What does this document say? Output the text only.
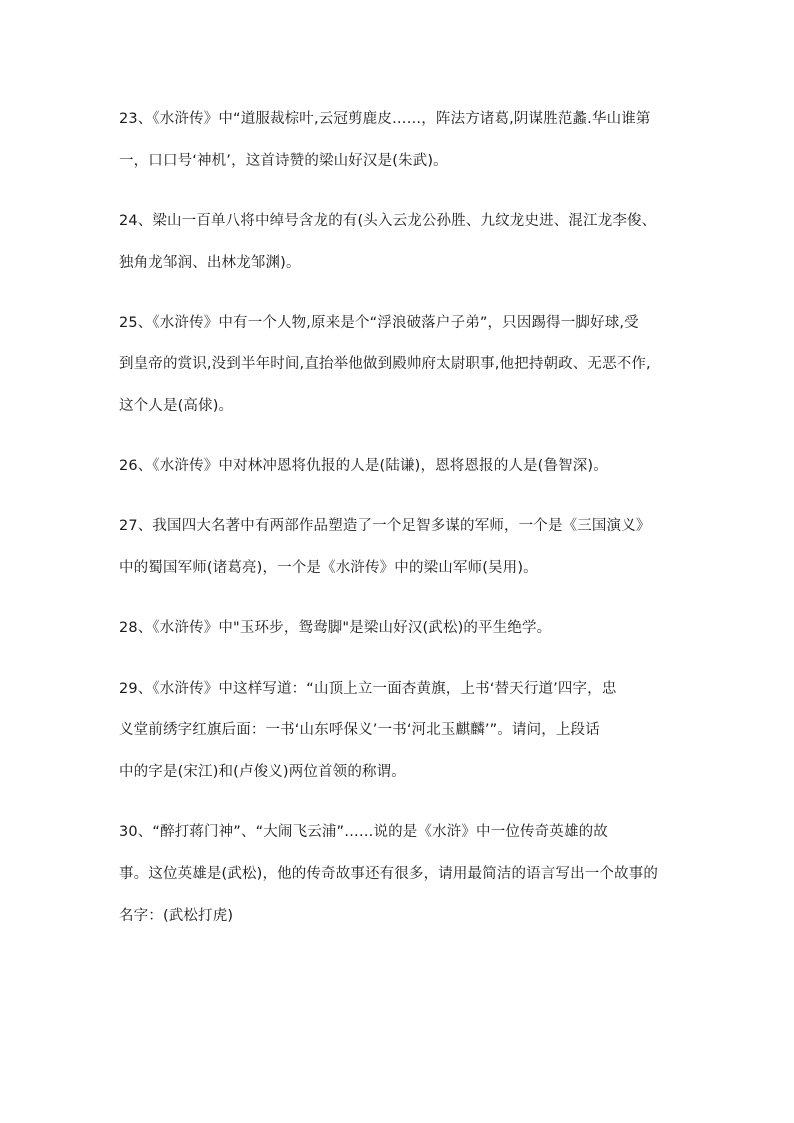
23、《水浒传》中“道服裁棕叶,云冠剪鹿皮……，阵法方诸葛,阴谋胜范蠡.华山谁第
一，口口号‘神机’，这首诗赞的梁山好汉是(朱武)。
24、梁山一百单八将中绰号含龙的有(头入云龙公孙胜、九纹龙史进、混江龙李俊、
独角龙邹润、出林龙邹渊)。
25、《水浒传》中有一个人物,原来是个“浮浪破落户子弟”，只因踢得一脚好球,受
到皇帝的赏识,没到半年时间,直抬举他做到殿帅府太尉职事,他把持朝政、无恶不作,
这个人是(高俅)。
26、《水浒传》中对林冲恩将仇报的人是(陆谦)，恩将恩报的人是(鲁智深)。
27、我国四大名著中有两部作品塑造了一个足智多谋的军师，一个是《三国演义》
中的蜀国军师(诸葛亮)，一个是《水浒传》中的梁山军师(吴用)。
28、《水浒传》中"玉环步，鸳鸯脚"是梁山好汉(武松)的平生绝学。
29、《水浒传》中这样写道：“山顶上立一面杏黄旗，上书‘替天行道’四字，忠
义堂前绣字红旗后面：一书‘山东呼保义’一书‘河北玉麒麟’”。请问，上段话
中的字是(宋江)和(卢俊义)两位首领的称谓。
30、“醉打蒋门神”、“大闹飞云浦”……说的是《水浒》中一位传奇英雄的故
事。这位英雄是(武松)，他的传奇故事还有很多，请用最简洁的语言写出一个故事的
名字：(武松打虎)
